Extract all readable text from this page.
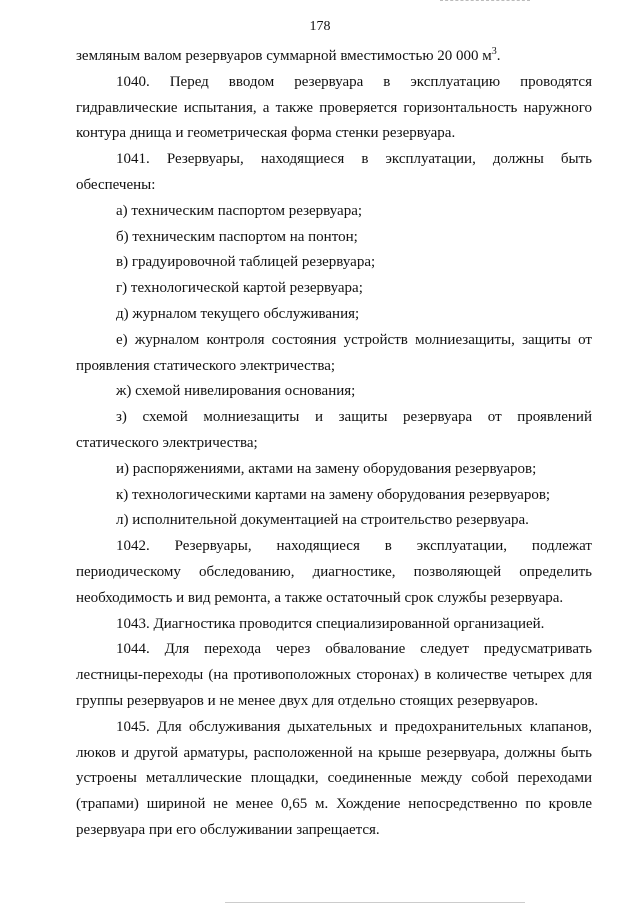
178

земляным валом резервуаров суммарной вместимостью 20 000 $м^3$.

1040. Перед вводом резервуара в эксплуатацию проводятся гидравлические испытания, а также проверяется горизонтальность наружного контура днища и геометрическая форма стенки резервуара.

1041. Резервуары, находящиеся в эксплуатации, должны быть обеспечены:

а) техническим паспортом резервуара;

б) техническим паспортом на понтон;

в) градуировочной таблицей резервуара;

г) технологической картой резервуара;

д) журналом текущего обслуживания;

е) журналом контроля состояния устройств молниезащиты, защиты от проявления статического электричества;

ж) схемой нивелирования основания;

з) схемой молниезащиты и защиты резервуара от проявлений статического электричества;

и) распоряжениями, актами на замену оборудования резервуаров;

к) технологическими картами на замену оборудования резервуаров;

л) исполнительной документацией на строительство резервуара.

1042. Резервуары, находящиеся в эксплуатации, подлежат периодическому обследованию, диагностике, позволяющей определить необходимость и вид ремонта, а также остаточный срок службы резервуара.

1043. Диагностика проводится специализированной организацией.

1044. Для перехода через обвалование следует предусматривать лестницы-переходы (на противоположных сторонах) в количестве четырех для группы резервуаров и не менее двух для отдельно стоящих резервуаров.

1045. Для обслуживания дыхательных и предохранительных клапанов, люков и другой арматуры, расположенной на крыше резервуара, должны быть устроены металлические площадки, соединенные между собой переходами (трапами) шириной не менее 0,65 м. Хождение непосредственно по кровле резервуара при его обслуживании запрещается.
